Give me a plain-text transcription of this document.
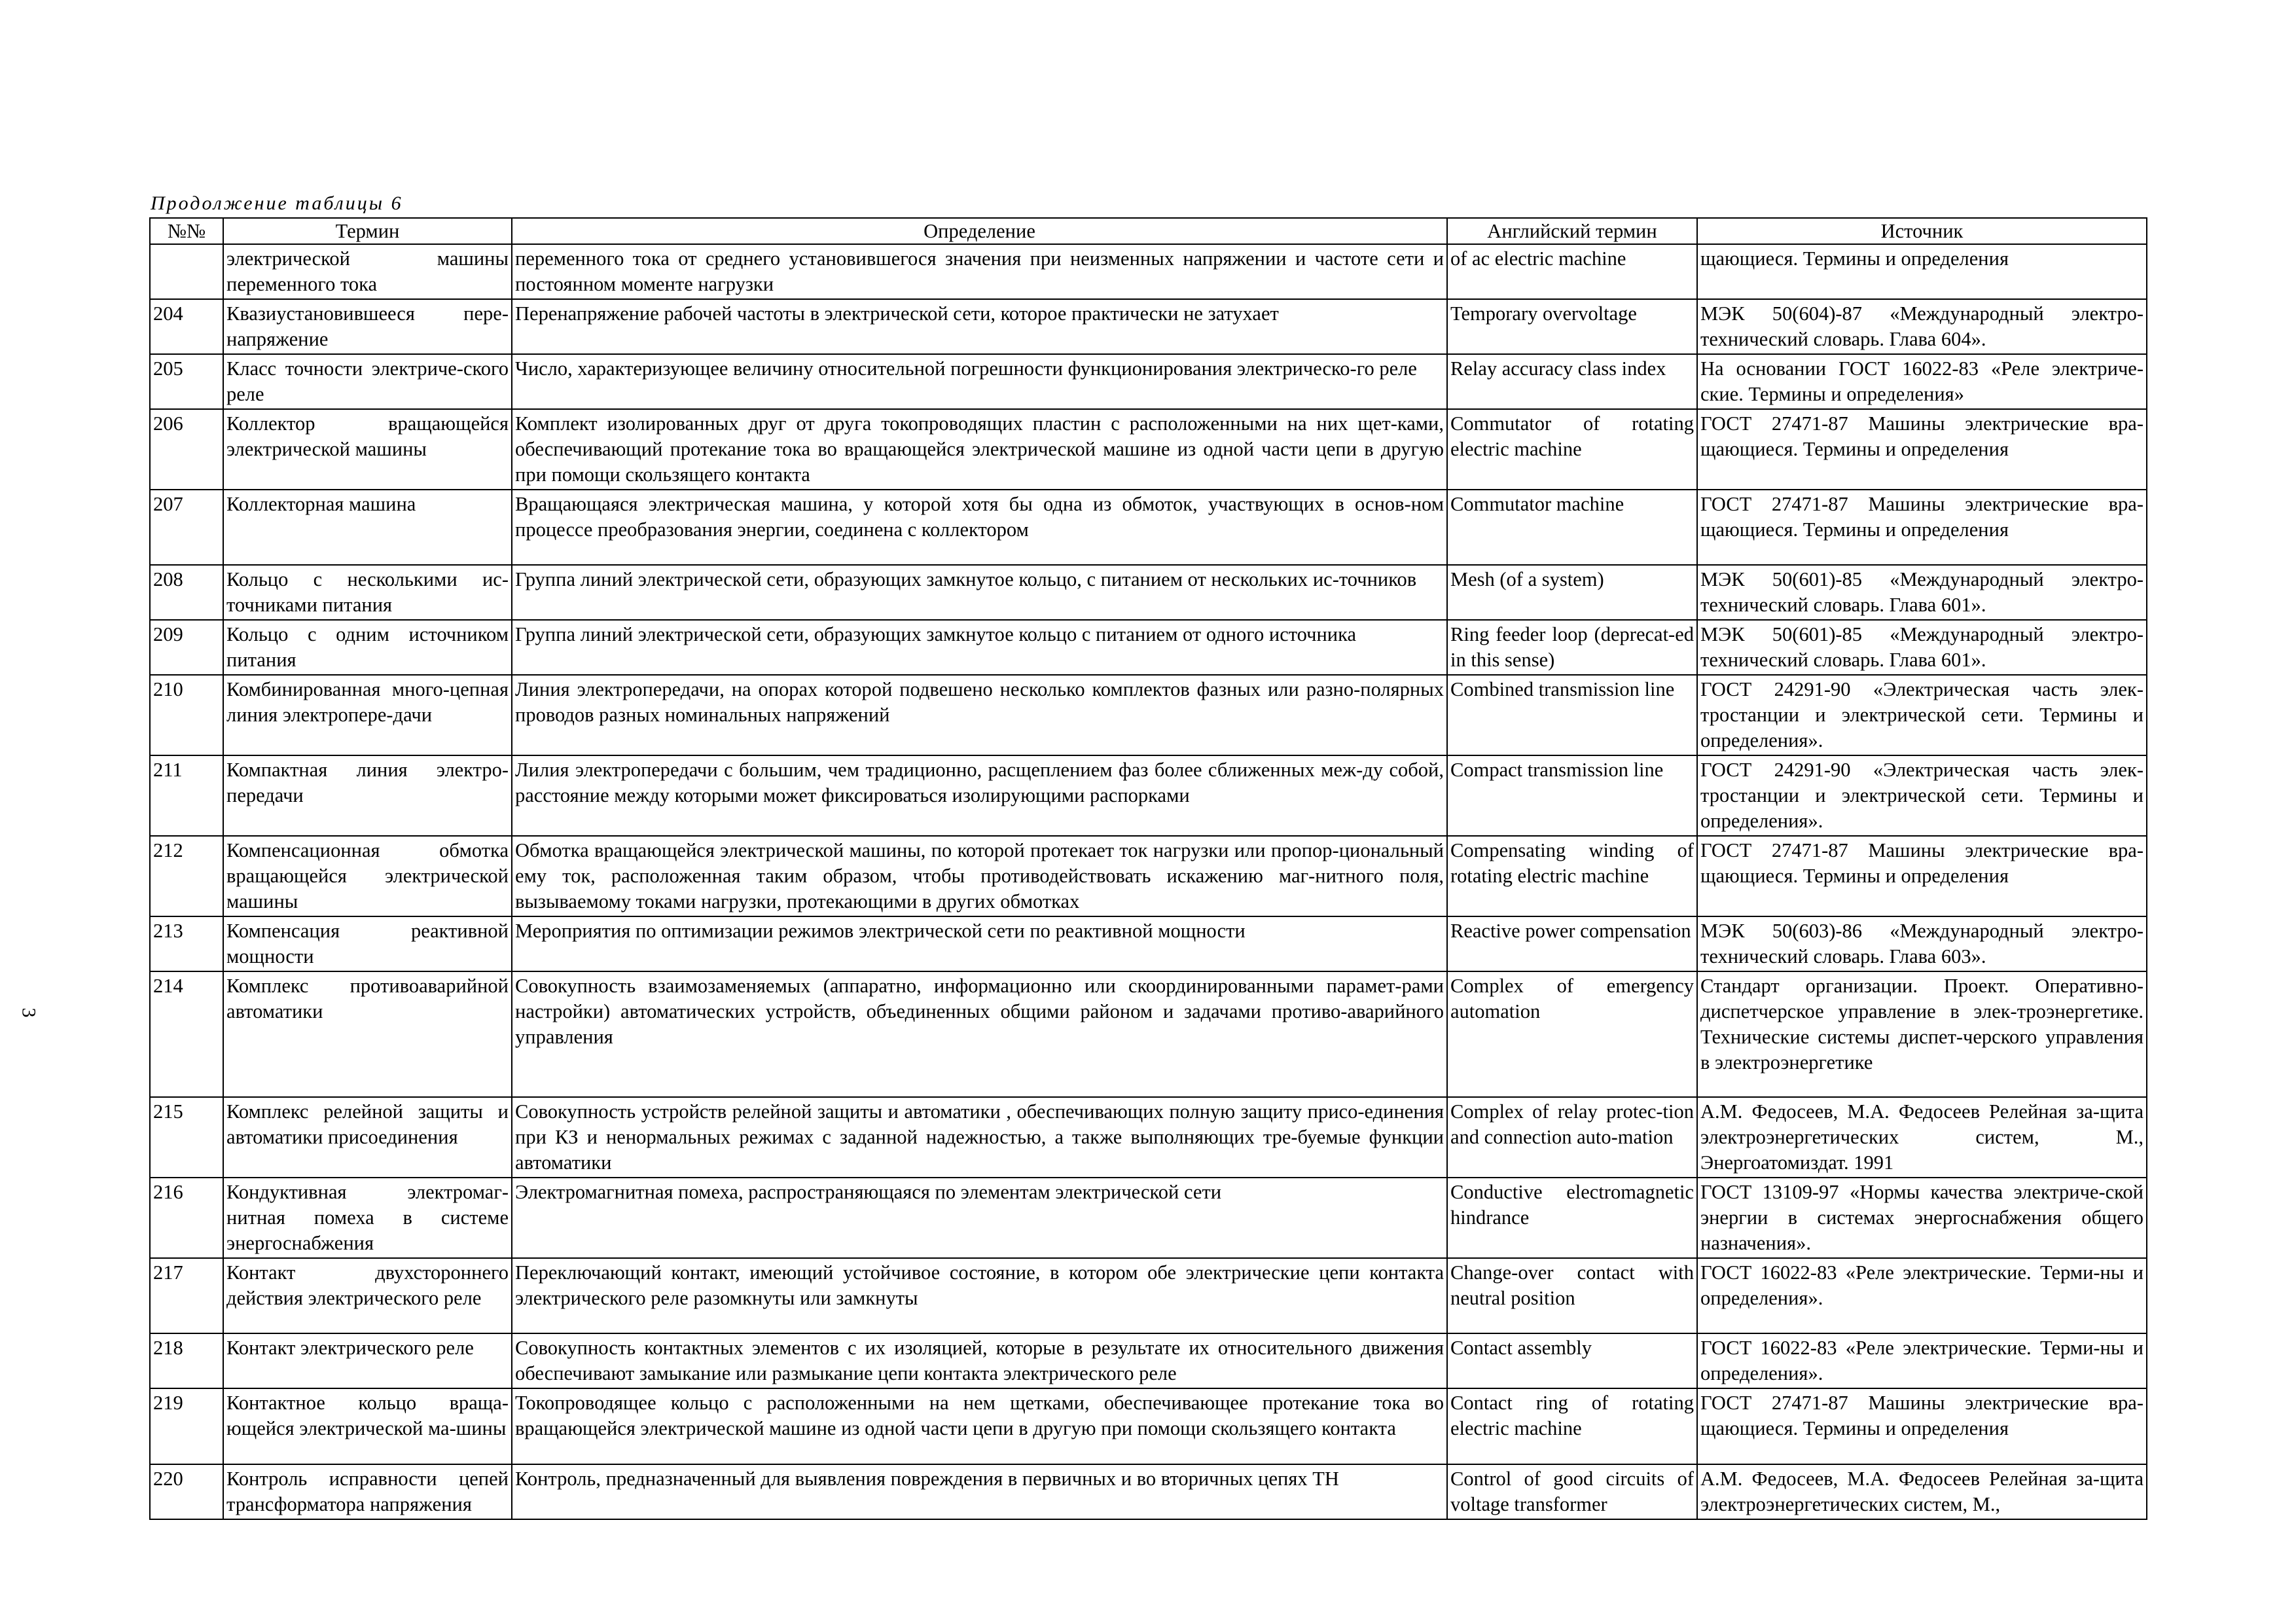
Продолжение таблицы 6
3
№№	Термин	Определение	Английский термин	Источник
	электрической машины переменного тока	переменного тока от среднего установившегося значения при неизменных напряжении и частоте сети и постоянном моменте нагрузки	of ac electric machine	щающиеся. Термины и определения
204	Квазиустановившееся пере-напряжение	Перенапряжение рабочей частоты в электрической сети, которое практически не затухает	Temporary overvoltage	МЭК 50(604)-87 «Международный электро-технический словарь. Глава 604».
205	Класс точности электриче-ского реле	Число, характеризующее величину относительной погрешности функционирования электрическо-го реле	Relay accuracy class index	На основании ГОСТ 16022-83 «Реле электриче-ские. Термины и определения»
206	Коллектор вращающейся электрической машины	Комплект изолированных друг от друга токопроводящих пластин с расположенными на них щет-ками, обеспечивающий протекание тока во вращающейся электрической машине из одной части цепи в другую при помощи скользящего контакта	Commutator of rotating electric machine	ГОСТ 27471-87 Машины электрические вра-щающиеся. Термины и определения
207	Коллекторная машина	Вращающаяся электрическая машина, у которой хотя бы одна из обмоток, участвующих в основ-ном процессе преобразования энергии, соединена с коллектором	Commutator machine	ГОСТ 27471-87 Машины электрические вра-щающиеся. Термины и определения
208	Кольцо с несколькими ис-точниками питания	Группа линий электрической сети, образующих замкнутое кольцо, с питанием от нескольких ис-точников	Mesh (of a system)	МЭК 50(601)-85 «Международный электро-технический словарь. Глава 601».
209	Кольцо с одним источником питания	Группа линий электрической сети, образующих замкнутое кольцо с питанием от одного источника	Ring feeder loop (deprecat-ed in this sense)	МЭК 50(601)-85 «Международный электро-технический словарь. Глава 601».
210	Комбинированная много-цепная линия электропере-дачи	Линия электропередачи, на опорах которой подвешено несколько комплектов фазных или разно-полярных проводов разных номинальных напряжений	Combined transmission line	ГОСТ 24291-90 «Электрическая часть элек-тростанции и электрической сети. Термины и определения».
211	Компактная линия электро-передачи	Лилия электропередачи с большим, чем традиционно, расщеплением фаз более сближенных меж-ду собой, расстояние между которыми может фиксироваться изолирующими распорками	Compact transmission line	ГОСТ 24291-90 «Электрическая часть элек-тростанции и электрической сети. Термины и определения».
212	Компенсационная обмотка вращающейся электрической машины	Обмотка вращающейся электрической машины, по которой протекает ток нагрузки или пропор-циональный ему ток, расположенная таким образом, чтобы противодействовать искажению маг-нитного поля, вызываемому токами нагрузки, протекающими в других обмотках	Compensating winding of rotating electric machine	ГОСТ 27471-87 Машины электрические вра-щающиеся. Термины и определения
213	Компенсация реактивной мощности	Мероприятия по оптимизации режимов электрической сети по реактивной мощности	Reactive power compensation	МЭК 50(603)-86 «Международный электро-технический словарь. Глава 603».
214	Комплекс противоаварийной автоматики	Совокупность взаимозаменяемых (аппаратно, информационно или скоординированными парамет-рами настройки) автоматических устройств, объединенных общими районом и задачами противо-аварийного управления	Complex of emergency automation	Стандарт организации. Проект. Оперативно-диспетчерское управление в элек-троэнергетике. Технические системы диспет-черского управления в электроэнергетике
215	Комплекс релейной защиты и автоматики присоединения	Совокупность устройств релейной защиты и автоматики , обеспечивающих полную защиту присо-единения при КЗ и ненормальных режимах с заданной надежностью, а также выполняющих тре-буемые функции автоматики	Complex of relay protec-tion and connection auto-mation	А.М. Федосеев, М.А. Федосеев Релейная за-щита электроэнергетических систем, М., Энергоатомиздат. 1991
216	Кондуктивная электромаг-нитная помеха в системе энергоснабжения	Электромагнитная помеха, распространяющаяся по элементам электрической сети	Conductive electromagnetic hindrance	ГОСТ 13109-97 «Нормы качества электриче-ской энергии в системах энергоснабжения общего назначения».
217	Контакт двухстороннего действия электрического реле	Переключающий контакт, имеющий устойчивое состояние, в котором обе электрические цепи контакта электрического реле разомкнуты или замкнуты	Change-over contact with neutral position	ГОСТ 16022-83 «Реле электрические. Терми-ны и определения».
218	Контакт электрического реле	Совокупность контактных элементов с их изоляцией, которые в результате их относительного движения обеспечивают замыкание или размыкание цепи контакта электрического реле	Contact assembly	ГОСТ 16022-83 «Реле электрические. Терми-ны и определения».
219	Контактное кольцо враща-ющейся электрической ма-шины	Токопроводящее кольцо с расположенными на нем щетками, обеспечивающее протекание тока во вращающейся электрической машине из одной части цепи в другую при помощи скользящего контакта	Contact ring of rotating electric machine	ГОСТ 27471-87 Машины электрические вра-щающиеся. Термины и определения
220	Контроль исправности цепей трансформатора напряжения	Контроль, предназначенный для выявления повреждения в первичных и во вторичных цепях ТН	Control of good circuits of voltage transformer	А.М. Федосеев, М.А. Федосеев Релейная за-щита электроэнергетических систем, М.,
